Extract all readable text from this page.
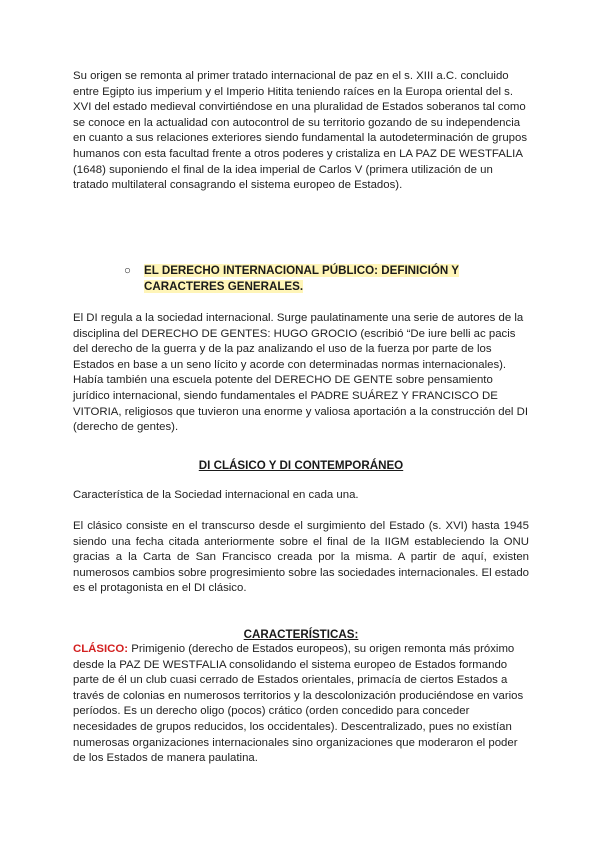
Su origen se remonta al primer tratado internacional de paz en el s. XIII a.C. concluido entre Egipto ius imperium y el Imperio Hitita teniendo raíces en la Europa oriental del s. XVI del estado medieval convirtiéndose en una pluralidad de Estados soberanos tal como se conoce en la actualidad con autocontrol de su territorio gozando de su independencia en cuanto a sus relaciones exteriores siendo fundamental la autodeterminación de grupos humanos con esta facultad frente a otros poderes y cristaliza en LA PAZ DE WESTFALIA (1648) suponiendo el final de la idea imperial de Carlos V (primera utilización de un tratado multilateral consagrando el sistema europeo de Estados).

○ EL DERECHO INTERNACIONAL PÚBLICO: DEFINICIÓN Y CARACTERES GENERALES.

El DI regula a la sociedad internacional. Surge paulatinamente una serie de autores de la disciplina del DERECHO DE GENTES: HUGO GROCIO (escribió “De iure belli ac pacis del derecho de la guerra y de la paz analizando el uso de la fuerza por parte de los Estados en base a un seno lícito y acorde con determinadas normas internacionales). Había también una escuela potente del DERECHO DE GENTE sobre pensamiento jurídico internacional, siendo fundamentales el PADRE SUÁREZ Y FRANCISCO DE VITORIA, religiosos que tuvieron una enorme y valiosa aportación a la construcción del DI (derecho de gentes).

DI CLÁSICO Y DI CONTEMPORÁNEO

Característica de la Sociedad internacional en cada una.

El clásico consiste en el transcurso desde el surgimiento del Estado (s. XVI) hasta 1945 siendo una fecha citada anteriormente sobre el final de la IIGM estableciendo la ONU gracias a la Carta de San Francisco creada por la misma. A partir de aquí, existen numerosos cambios sobre progresimiento sobre las sociedades internacionales. El estado es el protagonista en el DI clásico.

CARACTERÍSTICAS:

CLÁSICO: Primigenio (derecho de Estados europeos), su origen remonta más próximo desde la PAZ DE WESTFALIA consolidando el sistema europeo de Estados formando parte de él un club cuasi cerrado de Estados orientales, primacía de ciertos Estados a través de colonias en numerosos territorios y la descolonización produciéndose en varios períodos. Es un derecho oligo (pocos) crático (orden concedido para conceder necesidades de grupos reducidos, los occidentales). Descentralizado, pues no existían numerosas organizaciones internacionales sino organizaciones que moderaron el poder de los Estados de manera paulatina.
